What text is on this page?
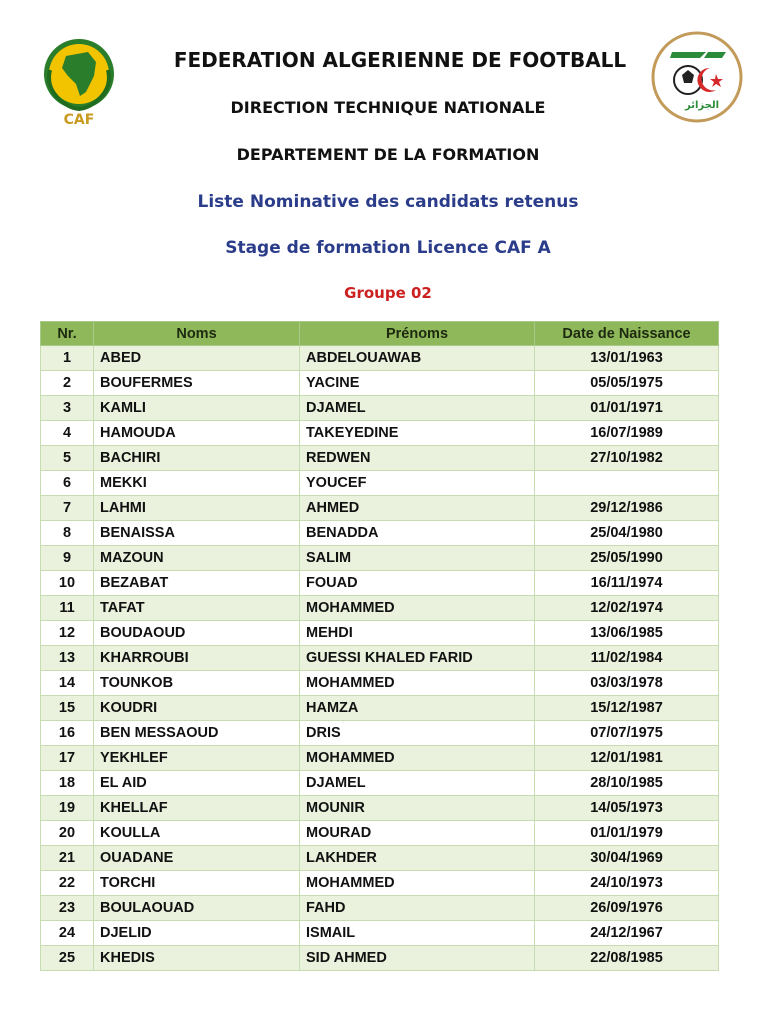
CAF
الجزائر
FEDERATION ALGERIENNE DE FOOTBALL
DIRECTION TECHNIQUE NATIONALE
DEPARTEMENT DE LA FORMATION
Liste Nominative des candidats retenus
Stage de formation Licence CAF A
Groupe 02
Nr.	Noms	Prénoms	Date de Naissance
1	ABED	ABDELOUAWAB	13/01/1963
2	BOUFERMES	YACINE	05/05/1975
3	KAMLI	DJAMEL	01/01/1971
4	HAMOUDA	TAKEYEDINE	16/07/1989
5	BACHIRI	REDWEN	27/10/1982
6	MEKKI	YOUCEF	
7	LAHMI	AHMED	29/12/1986
8	BENAISSA	BENADDA	25/04/1980
9	MAZOUN	SALIM	25/05/1990
10	BEZABAT	FOUAD	16/11/1974
11	TAFAT	MOHAMMED	12/02/1974
12	BOUDAOUD	MEHDI	13/06/1985
13	KHARROUBI	GUESSI KHALED FARID	11/02/1984
14	TOUNKOB	MOHAMMED	03/03/1978
15	KOUDRI	HAMZA	15/12/1987
16	BEN MESSAOUD	DRIS	07/07/1975
17	YEKHLEF	MOHAMMED	12/01/1981
18	EL AID	DJAMEL	28/10/1985
19	KHELLAF	MOUNIR	14/05/1973
20	KOULLA	MOURAD	01/01/1979
21	OUADANE	LAKHDER	30/04/1969
22	TORCHI	MOHAMMED	24/10/1973
23	BOULAOUAD	FAHD	26/09/1976
24	DJELID	ISMAIL	24/12/1967
25	KHEDIS	SID AHMED	22/08/1985
